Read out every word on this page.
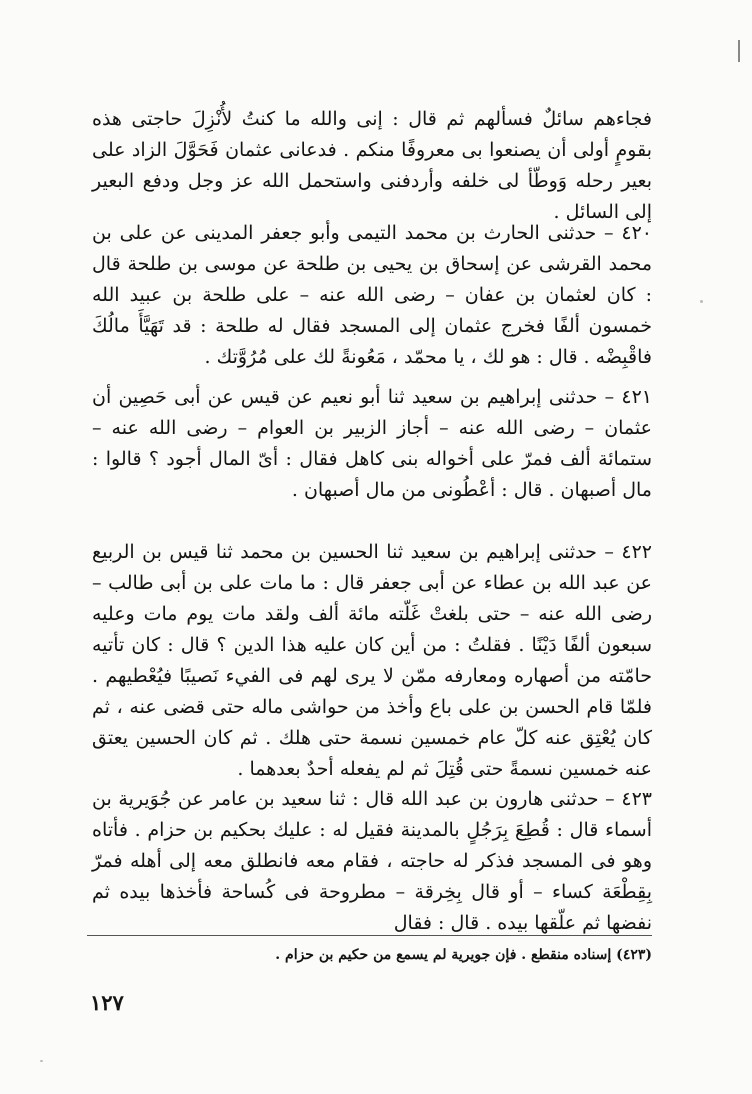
فجاءهم سائلٌ فسألهم ثم قال : إنى والله ما كنتُ لأُنْزِلَ حاجتى هذه بقومٍ أولى أن يصنعوا بى معروفًا منكم . فدعانى عثمان فَحَوَّلَ الزاد على بعير رحله وَوطّأ لى خلفه وأردفنى واستحمل الله عز وجل ودفع البعير إلى السائل .

٤٢٠ – حدثنى الحارث بن محمد التيمى وأبو جعفر المدينى عن على بن محمد القرشى عن إسحاق بن يحيى بن طلحة عن موسى بن طلحة قال : كان لعثمان بن عفان – رضى الله عنه – على طلحة بن عبيد الله خمسون ألفًا فخرج عثمان إلى المسجد فقال له طلحة : قد تَهَيَّأَ مالُكَ فاقْبِضْه . قال : هو لك ، يا محمّد ، مَعُونةً لك على مُرُوَّتك .

٤٢١ – حدثنى إبراهيم بن سعيد ثنا أبو نعيم عن قيس عن أبى حَصِين أن عثمان – رضى الله عنه – أجاز الزبير بن العوام – رضى الله عنه – ستمائة ألف فمرّ على أخواله بنى كاهل فقال : أىّ المال أجود ؟ قالوا : مال أصبهان . قال : أعْطُونى من مال أصبهان .

٤٢٢ – حدثنى إبراهيم بن سعيد ثنا الحسين بن محمد ثنا قيس بن الربيع عن عبد الله بن عطاء عن أبى جعفر قال : ما مات على بن أبى طالب – رضى الله عنه – حتى بلغتْ غَلّته مائة ألف ولقد مات يوم مات وعليه سبعون ألفًا دَيْنًا . فقلتُ : من أين كان عليه هذا الدين ؟ قال : كان تأتيه حامّته من أصهاره ومعارفه ممّن لا يرى لهم فى الفيء نَصيبًا فيُعْطيهم . فلمّا قام الحسن بن على باع وأخذ من حواشى ماله حتى قضى عنه ، ثم كان يُعْتِق عنه كلّ عام خمسين نسمة حتى هلك . ثم كان الحسين يعتق عنه خمسين نسمةً حتى قُتِلَ ثم لم يفعله أحدٌ بعدهما .

٤٢٣ – حدثنى هارون بن عبد الله قال : ثنا سعيد بن عامر عن جُوَيرية بن أسماء قال : قُطِعَ بِرَجُلٍ بالمدينة فقيل له : عليك بحكيم بن حزام . فأتاه وهو فى المسجد فذكر له حاجته ، فقام معه فانطلق معه إلى أهله فمرّ بِقِطْعَة كساء – أو قال بِخِرقة – مطروحة فى كُساحة فأخذها بيده ثم نفضها ثم علّقها بيده . قال : فقال

(٤٢٣) إسناده منقطع . فإن جويرية لم يسمع من حكيم بن حزام .
١٢٧
